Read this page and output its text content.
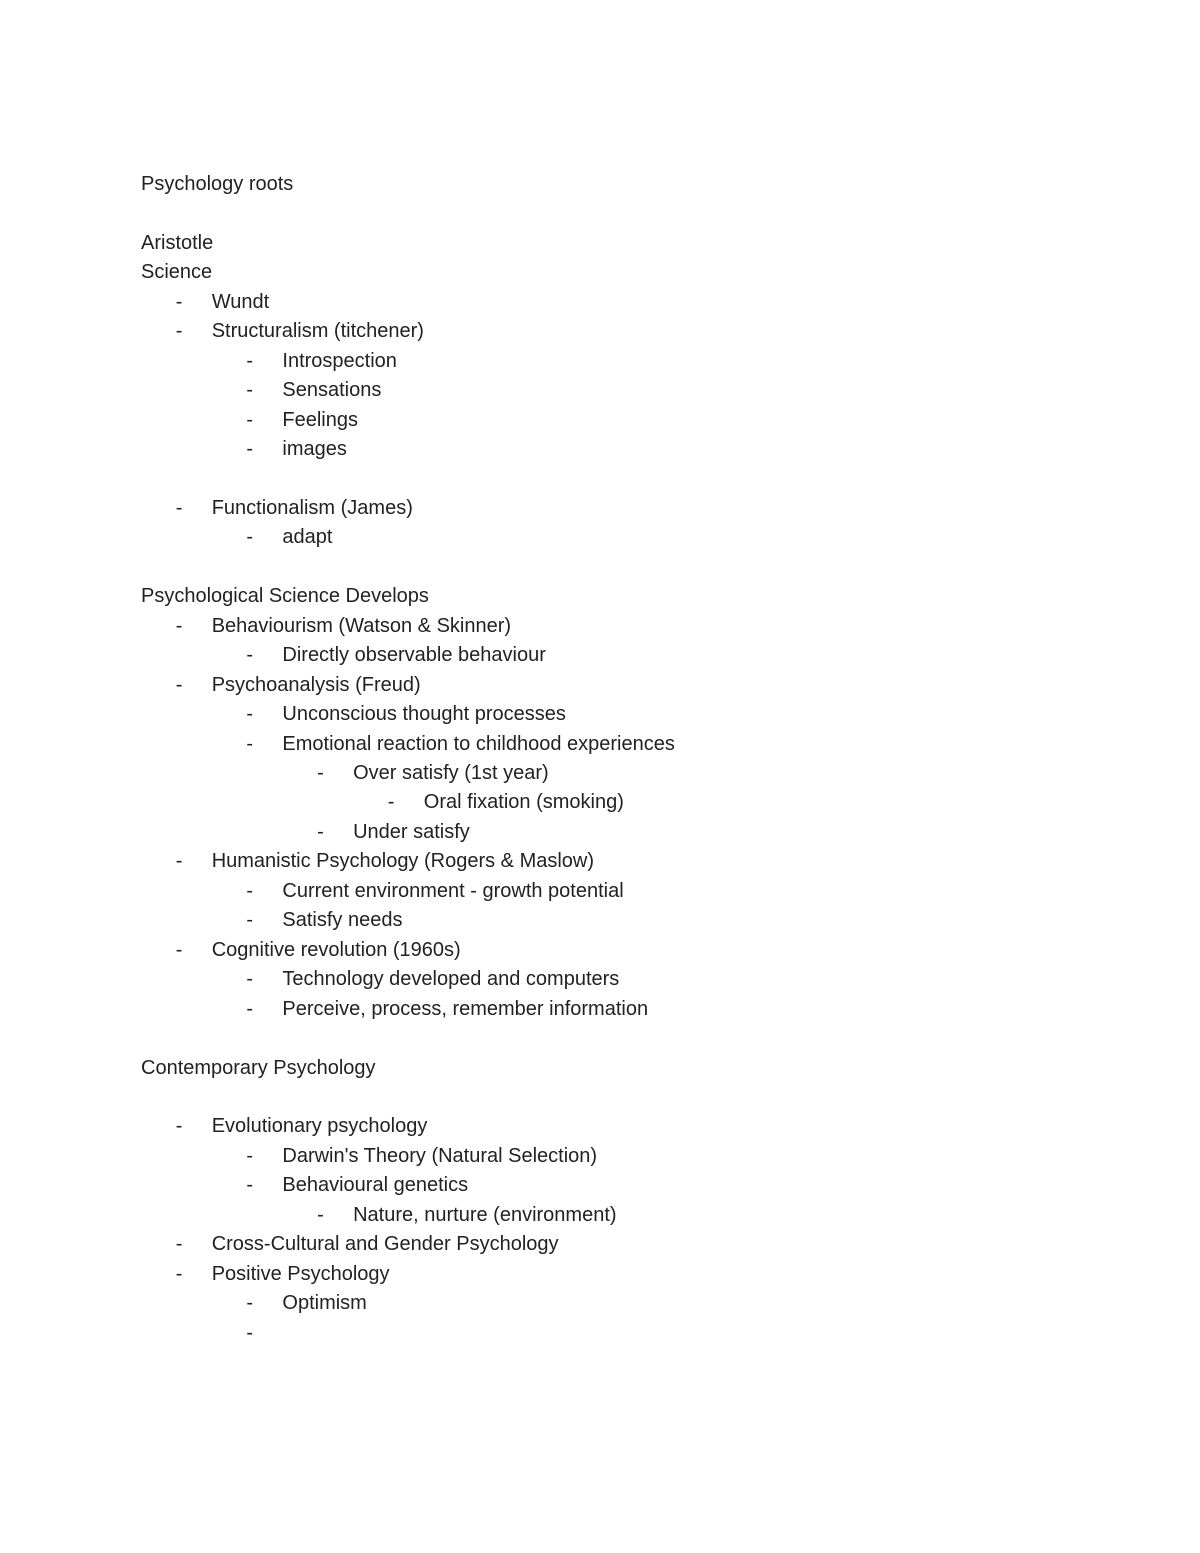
Psychology roots
Aristotle
Science
- Wundt
- Structuralism (titchener)
- Introspection
- Sensations
- Feelings
- images
- Functionalism (James)
- adapt
Psychological Science Develops
- Behaviourism (Watson & Skinner)
- Directly observable behaviour
- Psychoanalysis (Freud)
- Unconscious thought processes
- Emotional reaction to childhood experiences
- Over satisfy (1st year)
- Oral fixation (smoking)
- Under satisfy
- Humanistic Psychology (Rogers & Maslow)
- Current environment - growth potential
- Satisfy needs
- Cognitive revolution (1960s)
- Technology developed and computers
- Perceive, process, remember information
Contemporary Psychology
- Evolutionary psychology
- Darwin's Theory (Natural Selection)
- Behavioural genetics
- Nature, nurture (environment)
- Cross-Cultural and Gender Psychology
- Positive Psychology
- Optimism
-
